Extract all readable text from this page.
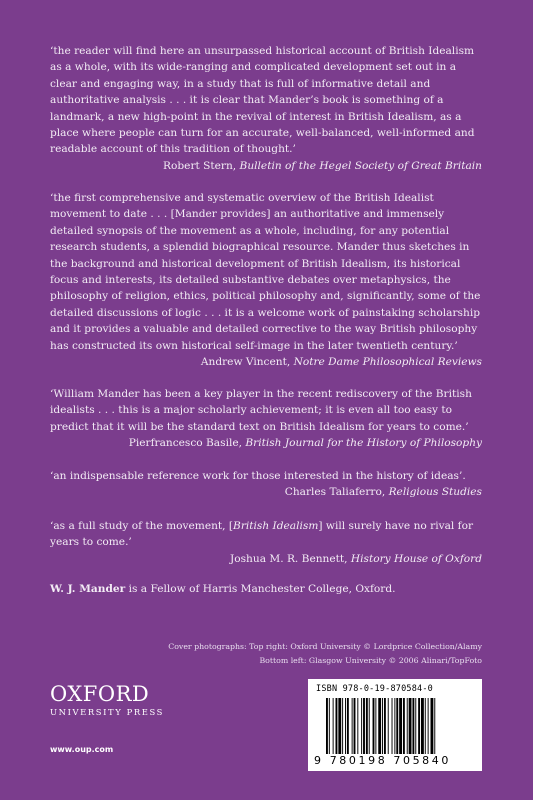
‘the reader will find here an unsurpassed historical account of British Idealism as a whole, with its wide-ranging and complicated development set out in a clear and engaging way, in a study that is full of informative detail and authoritative analysis . . . it is clear that Mander’s book is something of a landmark, a new high-point in the revival of interest in British Idealism, as a place where people can turn for an accurate, well-balanced, well-informed and readable account of this tradition of thought.’

Robert Stern, Bulletin of the Hegel Society of Great Britain

‘the first comprehensive and systematic overview of the British Idealist movement to date . . . [Mander provides] an authoritative and immensely detailed synopsis of the movement as a whole, including, for any potential research students, a splendid biographical resource. Mander thus sketches in the background and historical development of British Idealism, its historical focus and interests, its detailed substantive debates over metaphysics, the philosophy of religion, ethics, political philosophy and, significantly, some of the detailed discussions of logic . . . it is a welcome work of painstaking scholarship and it provides a valuable and detailed corrective to the way British philosophy has constructed its own historical self-image in the later twentieth century.’

Andrew Vincent, Notre Dame Philosophical Reviews

‘William Mander has been a key player in the recent rediscovery of the British idealists . . . this is a major scholarly achievement; it is even all too easy to predict that it will be the standard text on British Idealism for years to come.’

Pierfrancesco Basile, British Journal for the History of Philosophy

‘an indispensable reference work for those interested in the history of ideas’.

Charles Taliaferro, Religious Studies

‘as a full study of the movement, [British Idealism] will surely have no rival for years to come.’

Joshua M. R. Bennett, History House of Oxford

W. J. Mander is a Fellow of Harris Manchester College, Oxford.
Cover photographs: Top right: Oxford University © Lordprice Collection/Alamy
Bottom left: Glasgow University © 2006 Alinari/TopFoto
OXFORD
UNIVERSITY PRESS
www.oup.com
ISBN 978-0-19-870584-0
9 780198 705840
